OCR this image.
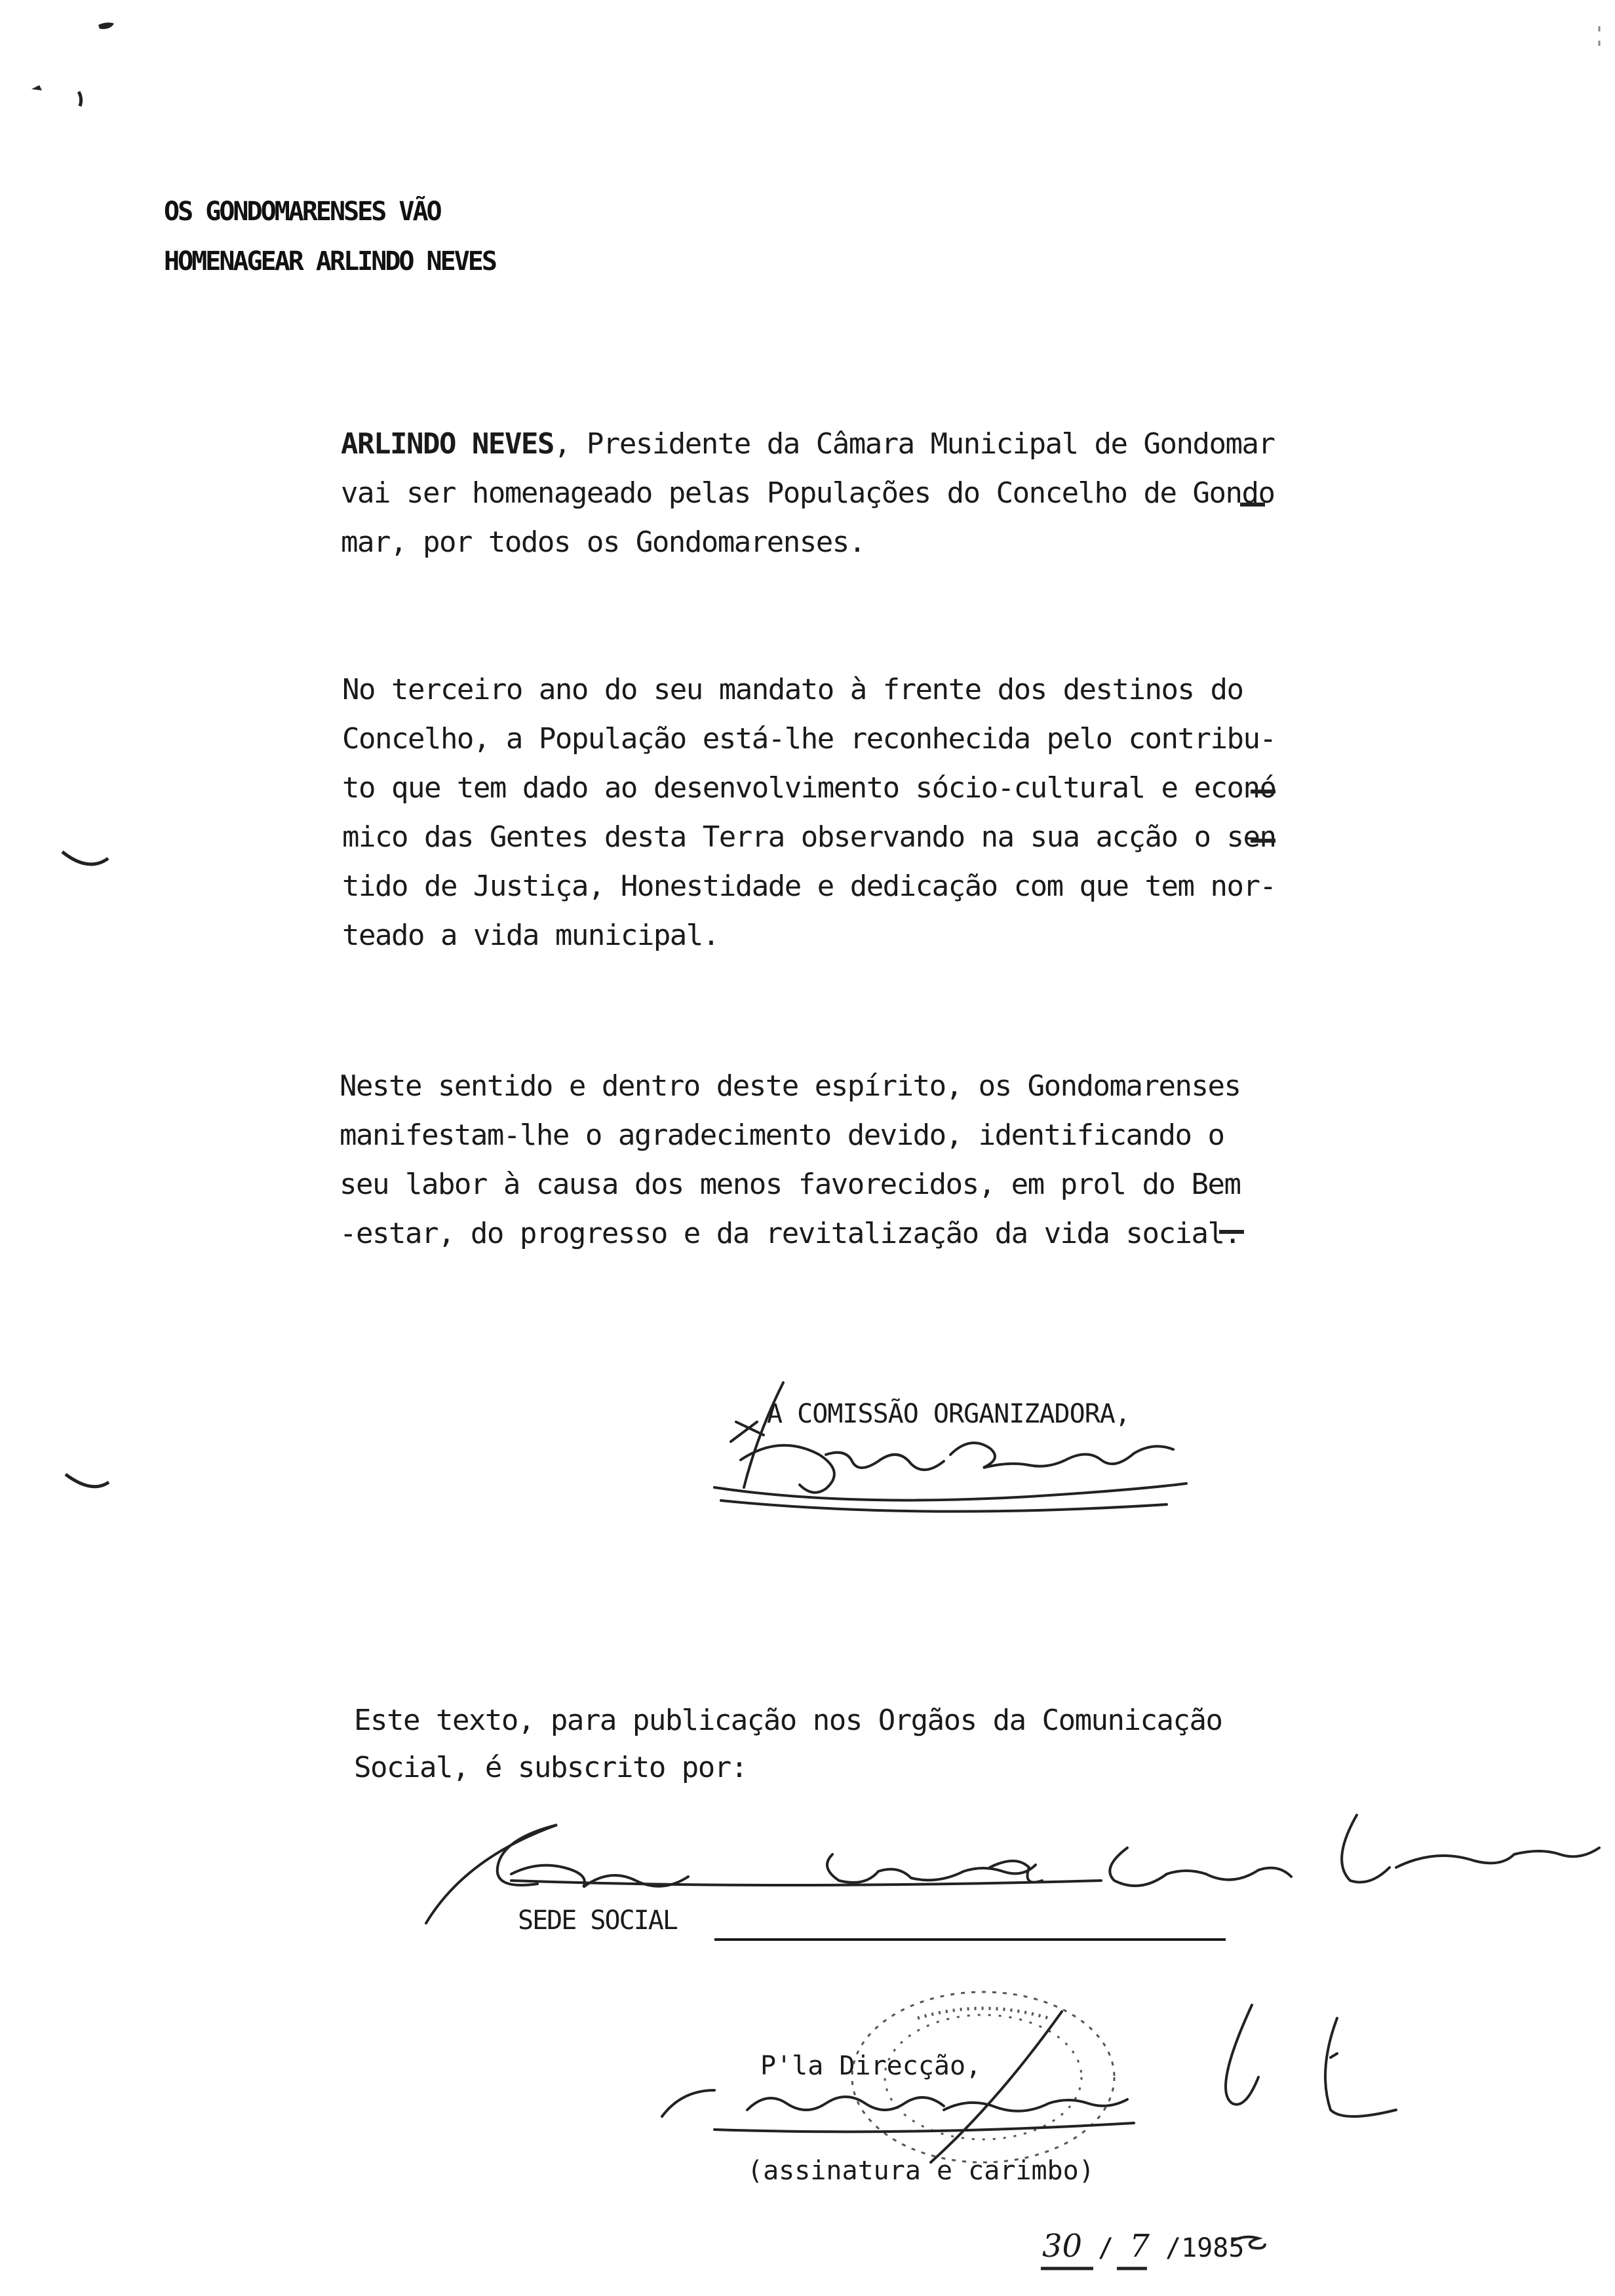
OS GONDOMARENSES VÃO
HOMENAGEAR ARLINDO NEVES
ARLINDO NEVES, Presidente da Câmara Municipal de Gondomar
vai ser homenageado pelas Populações do Concelho de Gondo
mar, por todos os Gondomarenses.
No terceiro ano do seu mandato à frente dos destinos do
Concelho, a População está-lhe reconhecida pelo contribu-
to que tem dado ao desenvolvimento sócio-cultural e econó
mico das Gentes desta Terra observando na sua acção o sen
tido de Justiça, Honestidade e dedicação com que tem nor-
teado a vida municipal.
Neste sentido e dentro deste espírito, os Gondomarenses
manifestam-lhe o agradecimento devido, identificando o
seu labor à causa dos menos favorecidos, em prol do Bem
-estar, do progresso e da revitalização da vida social.
A COMISSÃO ORGANIZADORA,
Este texto, para publicação nos Orgãos da Comunicação
Social, é subscrito por:
SEDE SOCIAL
P'la Direcção,
(assinatura e carimbo)
30 / 7 /1985
